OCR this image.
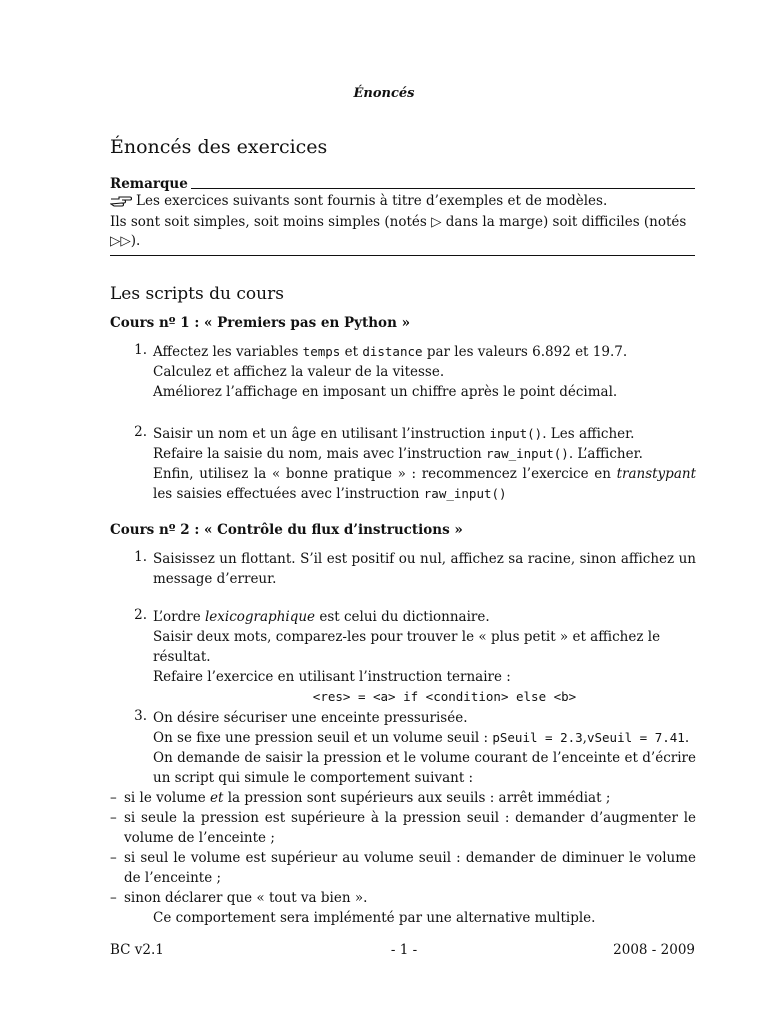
Énoncés
Énoncés des exercices
Remarque
Les exercices suivants sont fournis à titre d’exemples et de modèles.
Ils sont soit simples, soit moins simples (notés ▷ dans la marge) soit difficiles (notés ▷▷).
Les scripts du cours
Cours nº 1 : « Premiers pas en Python »
1. Affectez les variables temps et distance par les valeurs 6.892 et 19.7.

Calculez et affichez la valeur de la vitesse.

Améliorez l’affichage en imposant un chiffre après le point décimal.

2. Saisir un nom et un âge en utilisant l’instruction input(). Les afficher.

Refaire la saisie du nom, mais avec l’instruction raw_input(). L’afficher.

Enfin, utilisez la « bonne pratique » : recommencez l’exercice en transtypant les saisies effectuées avec l’instruction raw_input()

Cours nº 2 : « Contrôle du flux d’instructions »
1. Saisissez un flottant. S’il est positif ou nul, affichez sa racine, sinon affichez un message d’erreur.

2. L’ordre lexicographique est celui du dictionnaire.

Saisir deux mots, comparez-les pour trouver le « plus petit » et affichez le résultat.

Refaire l’exercice en utilisant l’instruction ternaire :

<res> = <a> if <condition> else <b>

3. On désire sécuriser une enceinte pressurisée.

On se fixe une pression seuil et un volume seuil : pSeuil = 2.3,vSeuil = 7.41.

On demande de saisir la pression et le volume courant de l’enceinte et d’écrire un script qui simule le comportement suivant :

– si le volume et la pression sont supérieurs aux seuils : arrêt immédiat ;
– si seule la pression est supérieure à la pression seuil : demander d’augmenter le volume de l’enceinte ;
– si seul le volume est supérieur au volume seuil : demander de diminuer le volume de l’enceinte ;
– sinon déclarer que « tout va bien ».

Ce comportement sera implémenté par une alternative multiple.

BC v2.1	- 1 -	2008 - 2009
